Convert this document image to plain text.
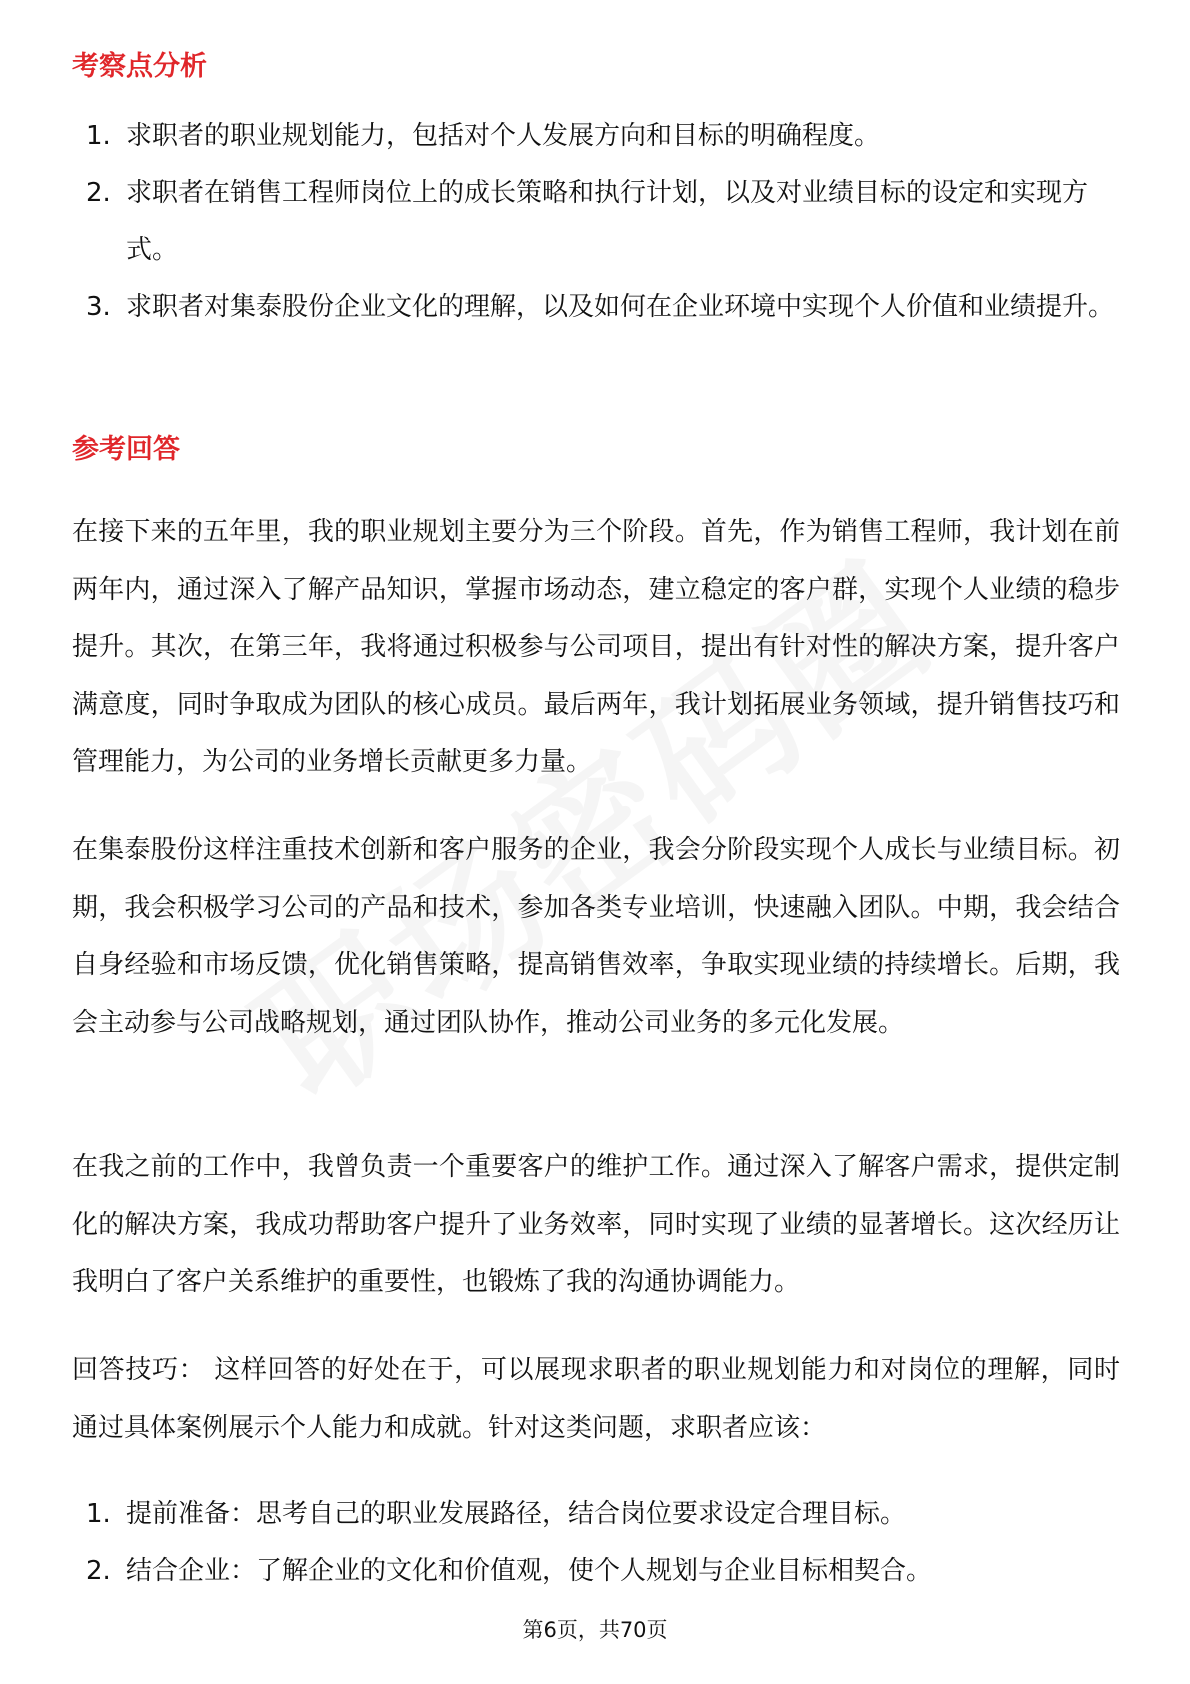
考察点分析
1. 求职者的职业规划能力，包括对个人发展方向和目标的明确程度。
2. 求职者在销售工程师岗位上的成长策略和执行计划，以及对业绩目标的设定和实现方式。
3. 求职者对集泰股份企业文化的理解，以及如何在企业环境中实现个人价值和业绩提升。
参考回答

在接下来的五年里，我的职业规划主要分为三个阶段。首先，作为销售工程师，我计划在前两年内，通过深入了解产品知识，掌握市场动态，建立稳定的客户群，实现个人业绩的稳步提升。其次，在第三年，我将通过积极参与公司项目，提出有针对性的解决方案，提升客户满意度，同时争取成为团队的核心成员。最后两年，我计划拓展业务领域，提升销售技巧和管理能力，为公司的业务增长贡献更多力量。

在集泰股份这样注重技术创新和客户服务的企业，我会分阶段实现个人成长与业绩目标。初期，我会积极学习公司的产品和技术，参加各类专业培训，快速融入团队。中期，我会结合自身经验和市场反馈，优化销售策略，提高销售效率，争取实现业绩的持续增长。后期，我会主动参与公司战略规划，通过团队协作，推动公司业务的多元化发展。

在我之前的工作中，我曾负责一个重要客户的维护工作。通过深入了解客户需求，提供定制化的解决方案，我成功帮助客户提升了业务效率，同时实现了业绩的显著增长。这次经历让我明白了客户关系维护的重要性，也锻炼了我的沟通协调能力。

回答技巧： 这样回答的好处在于，可以展现求职者的职业规划能力和对岗位的理解，同时通过具体案例展示个人能力和成就。针对这类问题，求职者应该：

1. 提前准备：思考自己的职业发展路径，结合岗位要求设定合理目标。
2. 结合企业：了解企业的文化和价值观，使个人规划与企业目标相契合。
第6页，共70页
